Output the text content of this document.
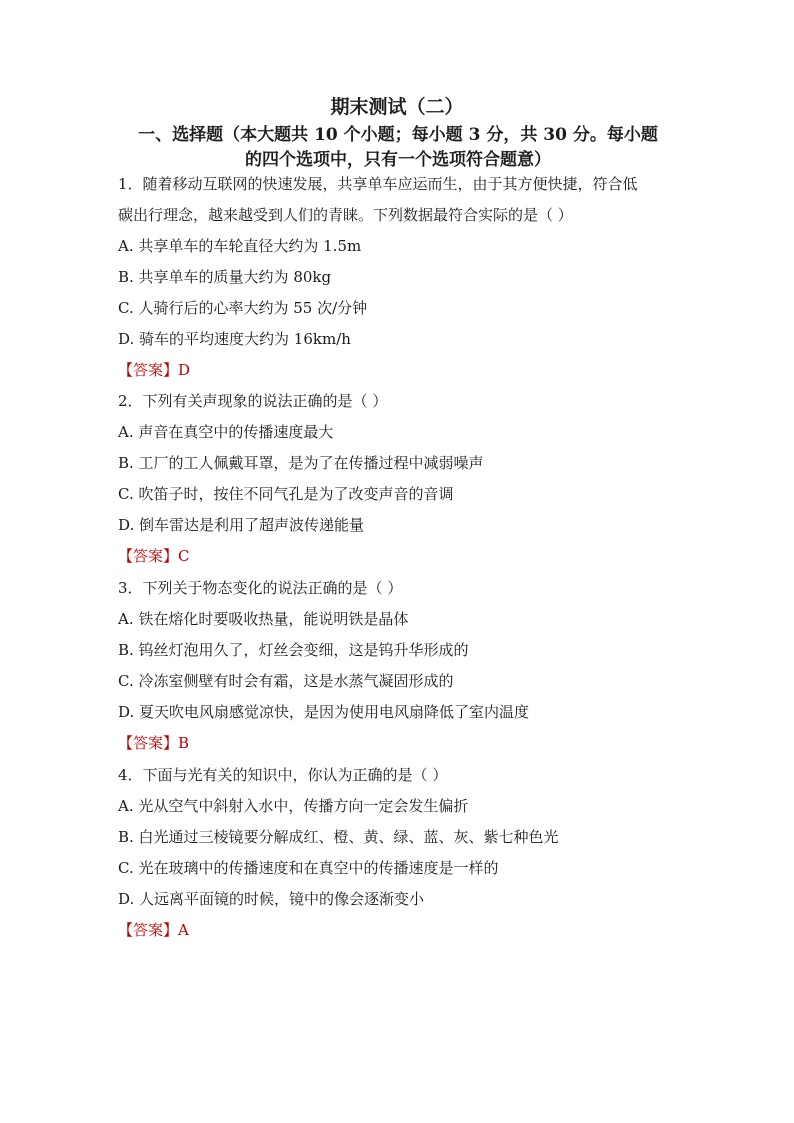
期末测试（二）
一、选择题（本大题共 10 个小题；每小题 3 分，共 30 分。每小题
的四个选项中，只有一个选项符合题意）
1．随着移动互联网的快速发展，共享单车应运而生，由于其方便快捷，符合低
碳出行理念，越来越受到人们的青睐。下列数据最符合实际的是（ ）
A. 共享单车的车轮直径大约为 1.5m
B. 共享单车的质量大约为 80kg
C. 人骑行后的心率大约为 55 次/分钟
D. 骑车的平均速度大约为 16km/h
【答案】D
2．下列有关声现象的说法正确的是（ ）
A. 声音在真空中的传播速度最大
B. 工厂的工人佩戴耳罩，是为了在传播过程中减弱噪声
C. 吹笛子时，按住不同气孔是为了改变声音的音调
D. 倒车雷达是利用了超声波传递能量
【答案】C
3．下列关于物态变化的说法正确的是（ ）
A. 铁在熔化时要吸收热量，能说明铁是晶体
B. 钨丝灯泡用久了，灯丝会变细，这是钨升华形成的
C. 冷冻室侧壁有时会有霜，这是水蒸气凝固形成的
D. 夏天吹电风扇感觉凉快，是因为使用电风扇降低了室内温度
【答案】B
4．下面与光有关的知识中，你认为正确的是（ ）
A. 光从空气中斜射入水中，传播方向一定会发生偏折
B. 白光通过三棱镜要分解成红、橙、黄、绿、蓝、灰、紫七种色光
C. 光在玻璃中的传播速度和在真空中的传播速度是一样的
D. 人远离平面镜的时候，镜中的像会逐渐变小
【答案】A
